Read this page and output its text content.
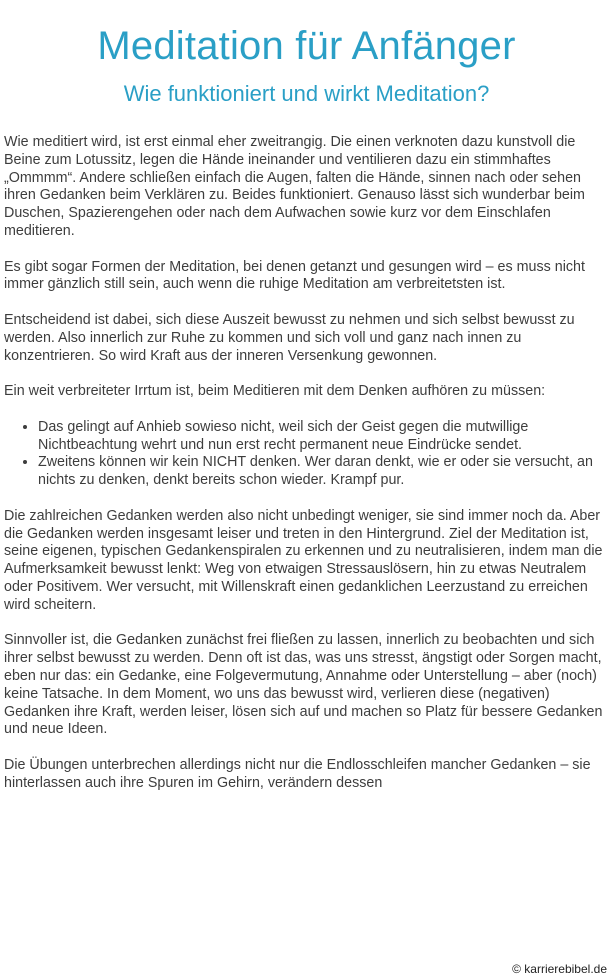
Meditation für Anfänger
Wie funktioniert und wirkt Meditation?

Wie meditiert wird, ist erst einmal eher zweitrangig. Die einen verknoten dazu kunstvoll die Beine zum Lotussitz, legen die Hände ineinander und ventilieren dazu ein stimmhaftes „Ommmm“. Andere schließen einfach die Augen, falten die Hände, sinnen nach oder sehen ihren Gedanken beim Verklären zu. Beides funktioniert. Genauso lässt sich wunderbar beim Duschen, Spazierengehen oder nach dem Aufwachen sowie kurz vor dem Einschlafen meditieren.

Es gibt sogar Formen der Meditation, bei denen getanzt und gesungen wird – es muss nicht immer gänzlich still sein, auch wenn die ruhige Meditation am verbreitetsten ist.

Entscheidend ist dabei, sich diese Auszeit bewusst zu nehmen und sich selbst bewusst zu werden. Also innerlich zur Ruhe zu kommen und sich voll und ganz nach innen zu konzentrieren. So wird Kraft aus der inneren Versenkung gewonnen.

Ein weit verbreiteter Irrtum ist, beim Meditieren mit dem Denken aufhören zu müssen:

• Das gelingt auf Anhieb sowieso nicht, weil sich der Geist gegen die mutwillige Nichtbeachtung wehrt und nun erst recht permanent neue Eindrücke sendet.
• Zweitens können wir kein NICHT denken. Wer daran denkt, wie er oder sie versucht, an nichts zu denken, denkt bereits schon wieder. Krampf pur.

Die zahlreichen Gedanken werden also nicht unbedingt weniger, sie sind immer noch da. Aber die Gedanken werden insgesamt leiser und treten in den Hintergrund. Ziel der Meditation ist, seine eigenen, typischen Gedankenspiralen zu erkennen und zu neutralisieren, indem man die Aufmerksamkeit bewusst lenkt: Weg von etwaigen Stressauslösern, hin zu etwas Neutralem oder Positivem. Wer versucht, mit Willenskraft einen gedanklichen Leerzustand zu erreichen wird scheitern.

Sinnvoller ist, die Gedanken zunächst frei fließen zu lassen, innerlich zu beobachten und sich ihrer selbst bewusst zu werden. Denn oft ist das, was uns stresst, ängstigt oder Sorgen macht, eben nur das: ein Gedanke, eine Folgevermutung, Annahme oder Unterstellung – aber (noch) keine Tatsache. In dem Moment, wo uns das bewusst wird, verlieren diese (negativen) Gedanken ihre Kraft, werden leiser, lösen sich auf und machen so Platz für bessere Gedanken und neue Ideen.

Die Übungen unterbrechen allerdings nicht nur die Endlosschleifen mancher Gedanken – sie hinterlassen auch ihre Spuren im Gehirn, verändern dessen

© karrierebibel.de
